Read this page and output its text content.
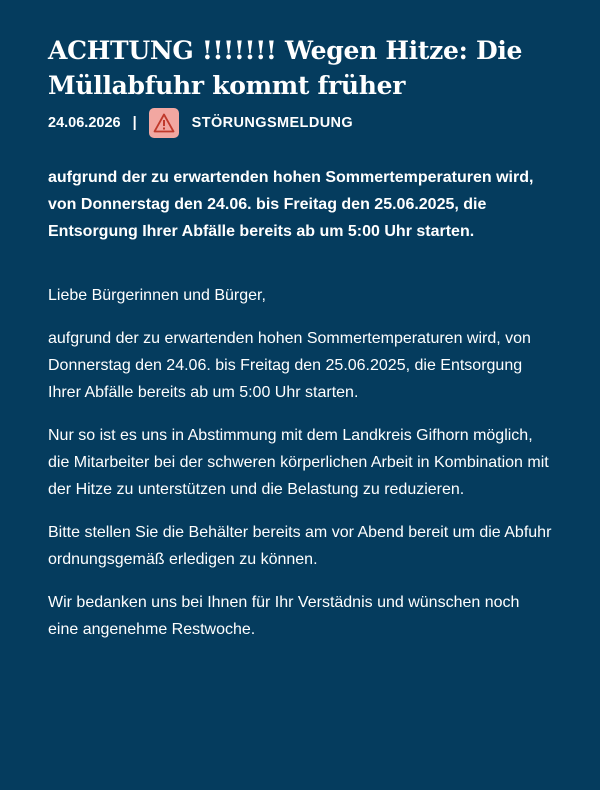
ACHTUNG !!!!!!! Wegen Hitze: Die Müllabfuhr kommt früher
24.06.2026 |	STÖRUNGSMELDUNG

aufgrund der zu erwartenden hohen Sommertemperaturen wird, von Donnerstag den 24.06. bis Freitag den 25.06.2025, die Entsorgung Ihrer Abfälle bereits ab um 5:00 Uhr starten.

Liebe Bürgerinnen und Bürger,

aufgrund der zu erwartenden hohen Sommertemperaturen wird, von Donnerstag den 24.06. bis Freitag den 25.06.2025, die Entsorgung Ihrer Abfälle bereits ab um 5:00 Uhr starten.

Nur so ist es uns in Abstimmung mit dem Landkreis Gifhorn möglich, die Mitarbeiter bei der schweren körperlichen Arbeit in Kombination mit der Hitze zu unterstützen und die Belastung zu reduzieren.

Bitte stellen Sie die Behälter bereits am vor Abend bereit um die Abfuhr ordnungsgemäß erledigen zu können.

Wir bedanken uns bei Ihnen für Ihr Verstädnis und wünschen noch eine angenehme Restwoche.
